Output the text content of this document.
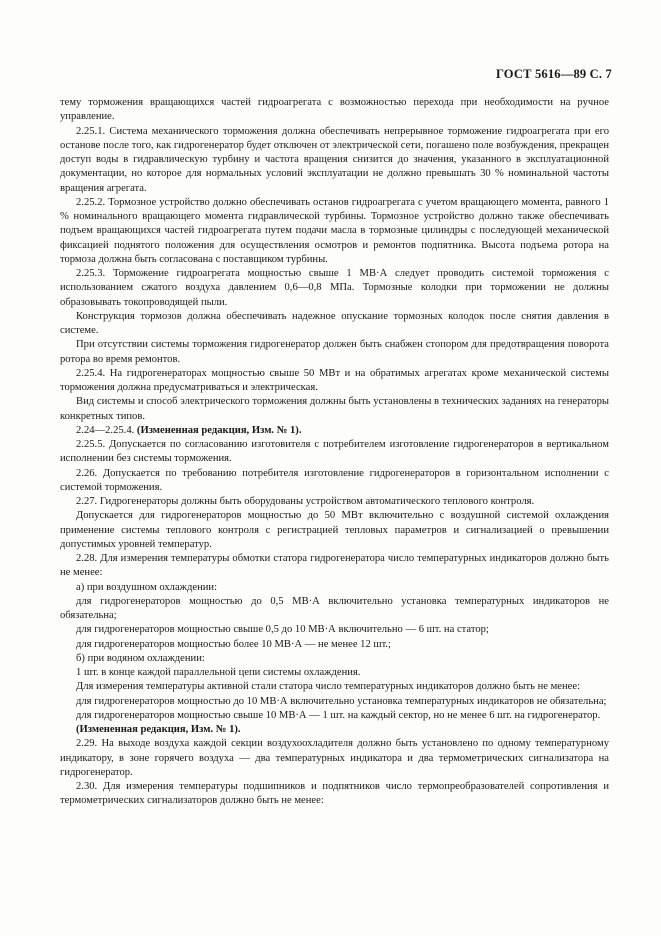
ГОСТ 5616—89 С. 7

тему торможения вращающихся частей гидроагрегата с возможностью перехода при необходимости на ручное управление.

2.25.1. Система механического торможения должна обеспечивать непрерывное торможение гидроагрегата при его останове после того, как гидрогенератор будет отключен от электрической сети, погашено поле возбуждения, прекращен доступ воды в гидравлическую турбину и частота вращения снизится до значения, указанного в эксплуатационной документации, но которое для нормальных условий эксплуатации не должно превышать 30 % номинальной частоты вращения агрегата.

2.25.2. Тормозное устройство должно обеспечивать останов гидроагрегата с учетом вращающего момента, равного 1 % номинального вращающего момента гидравлической турбины. Тормозное устройство должно также обеспечивать подъем вращающихся частей гидроагрегата путем подачи масла в тормозные цилиндры с последующей механической фиксацией поднятого положения для осуществления осмотров и ремонтов подпятника. Высота подъема ротора на тормоза должна быть согласована с поставщиком турбины.

2.25.3. Торможение гидроагрегата мощностью свыше 1 МВ·А следует проводить системой торможения с использованием сжатого воздуха давлением 0,6—0,8 МПа. Тормозные колодки при торможении не должны образовывать токопроводящей пыли.

Конструкция тормозов должна обеспечивать надежное опускание тормозных колодок после снятия давления в системе.

При отсутствии системы торможения гидрогенератор должен быть снабжен стопором для предотвращения поворота ротора во время ремонтов.

2.25.4. На гидрогенераторах мощностью свыше 50 МВт и на обратимых агрегатах кроме механической системы торможения должна предусматриваться и электрическая.

Вид системы и способ электрического торможения должны быть установлены в технических заданиях на генераторы конкретных типов.

2.24—2.25.4. (Измененная редакция, Изм. № 1).

2.25.5. Допускается по согласованию изготовителя с потребителем изготовление гидрогенераторов в вертикальном исполнении без системы торможения.

2.26. Допускается по требованию потребителя изготовление гидрогенераторов в горизонтальном исполнении с системой торможения.

2.27. Гидрогенераторы должны быть оборудованы устройством автоматического теплового контроля.

Допускается для гидрогенераторов мощностью до 50 МВт включительно с воздушной системой охлаждения применение системы теплового контроля с регистрацией тепловых параметров и сигнализацией о превышении допустимых уровней температур.

2.28. Для измерения температуры обмотки статора гидрогенератора число температурных индикаторов должно быть не менее:

а) при воздушном охлаждении:

для гидрогенераторов мощностью до 0,5 МВ·А включительно установка температурных индикаторов не обязательна;

для гидрогенераторов мощностью свыше 0,5 до 10 МВ·А включительно — 6 шт. на статор;

для гидрогенераторов мощностью более 10 МВ·А — не менее 12 шт.;

б) при водяном охлаждении:

1 шт. в конце каждой параллельной цепи системы охлаждения.

Для измерения температуры активной стали статора число температурных индикаторов должно быть не менее:

для гидрогенераторов мощностью до 10 МВ·А включительно установка температурных индикаторов не обязательна;

для гидрогенераторов мощностью свыше 10 МВ·А — 1 шт. на каждый сектор, но не менее 6 шт. на гидрогенератор.

(Измененная редакция, Изм. № 1).

2.29. На выходе воздуха каждой секции воздухоохладителя должно быть установлено по одному температурному индикатору, в зоне горячего воздуха — два температурных индикатора и два термометрических сигнализатора на гидрогенератор.

2.30. Для измерения температуры подшипников и подпятников число термопреобразователей сопротивления и термометрических сигнализаторов должно быть не менее:
